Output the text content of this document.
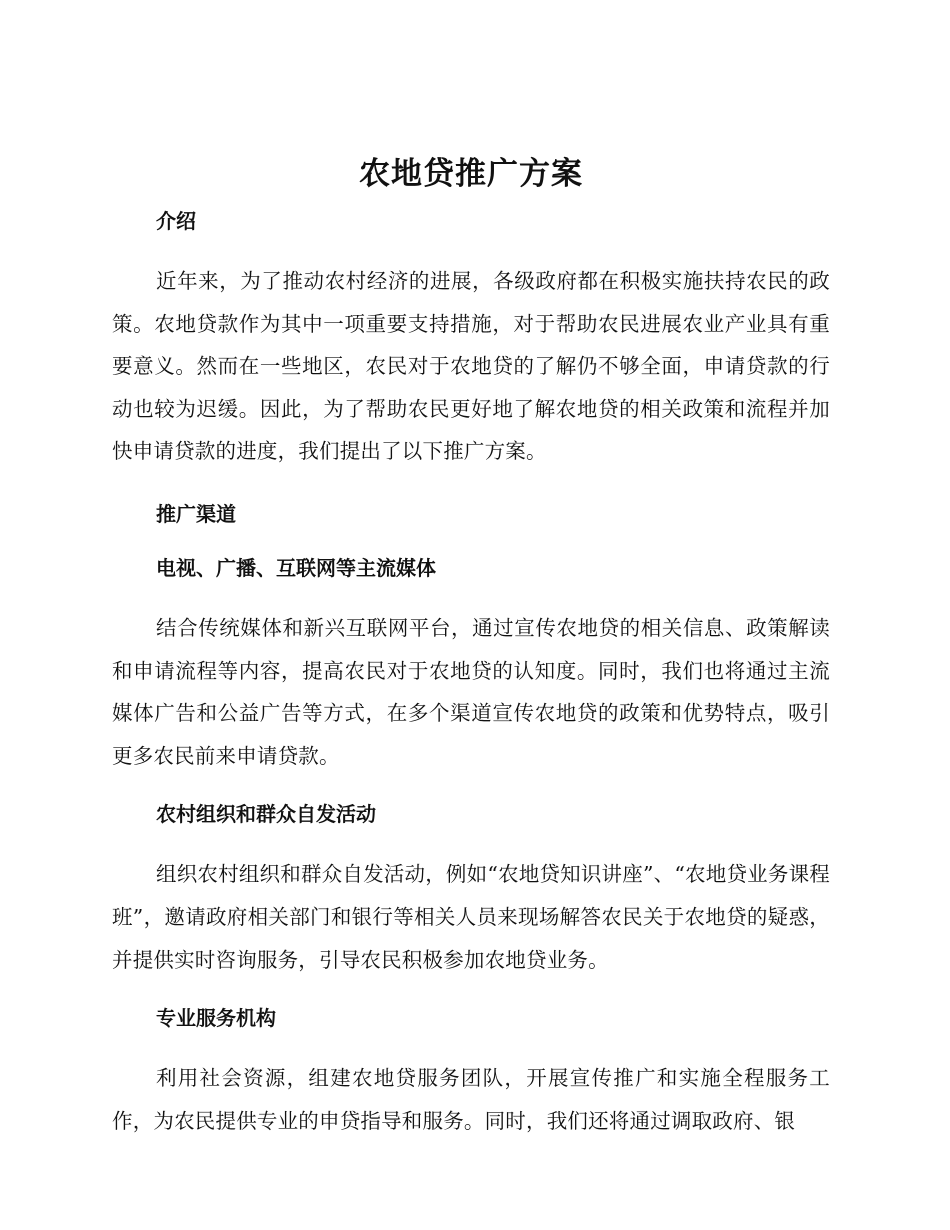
农地贷推广方案
介绍

近年来，为了推动农村经济的进展，各级政府都在积极实施扶持农民的政策。农地贷款作为其中一项重要支持措施，对于帮助农民进展农业产业具有重要意义。然而在一些地区，农民对于农地贷的了解仍不够全面，申请贷款的行动也较为迟缓。因此，为了帮助农民更好地了解农地贷的相关政策和流程并加快申请贷款的进度，我们提出了以下推广方案。

推广渠道
电视、广播、互联网等主流媒体

结合传统媒体和新兴互联网平台，通过宣传农地贷的相关信息、政策解读和申请流程等内容，提高农民对于农地贷的认知度。同时，我们也将通过主流媒体广告和公益广告等方式，在多个渠道宣传农地贷的政策和优势特点，吸引更多农民前来申请贷款。

农村组织和群众自发活动

组织农村组织和群众自发活动，例如“农地贷知识讲座”、“农地贷业务课程班”，邀请政府相关部门和银行等相关人员来现场解答农民关于农地贷的疑惑，并提供实时咨询服务，引导农民积极参加农地贷业务。

专业服务机构

利用社会资源，组建农地贷服务团队，开展宣传推广和实施全程服务工作，为农民提供专业的申贷指导和服务。同时，我们还将通过调取政府、银
